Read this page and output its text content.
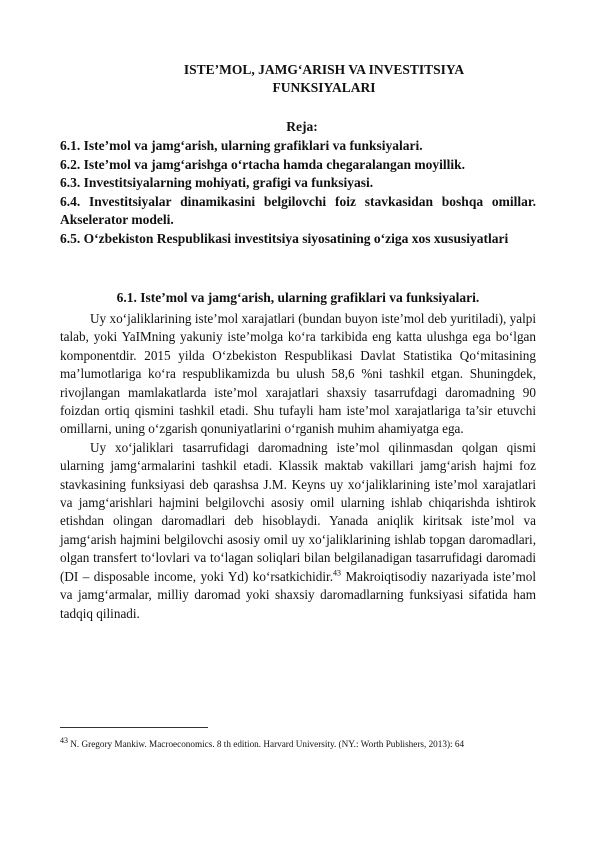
ISTE’MOL, JAMG‘ARISH VA INVESTITSIYA
FUNKSIYALARI
Reja:
6.1. Iste’mol va jamg‘arish, ularning grafiklari va funksiyalari.
6.2. Iste’mol va jamg‘arishga o‘rtacha hamda chegaralangan moyillik.
6.3. Investitsiyalarning mohiyati, grafigi va funksiyasi.
6.4. Investitsiyalar dinamikasini belgilovchi foiz stavkasidan boshqa omillar. Akselerator modeli.
6.5. O‘zbekiston Respublikasi investitsiya siyosatining o‘ziga xos xususiyatlari
6.1. Iste’mol va jamg‘arish, ularning grafiklari va funksiyalari.

Uy xo‘jaliklarining iste’mol xarajatlari (bundan buyon iste’mol deb yuritiladi), yalpi talab, yoki YaIMning yakuniy iste’molga ko‘ra tarkibida eng katta ulushga ega bo‘lgan komponentdir. 2015 yilda O‘zbekiston Respublikasi Davlat Statistika Qo‘mitasining ma’lumotlariga ko‘ra respublikamizda bu ulush 58,6 %ni tashkil etgan. Shuningdek, rivojlangan mamlakatlarda iste’mol xarajatlari shaxsiy tasarrufdagi daromadning 90 foizdan ortiq qismini tashkil etadi. Shu tufayli ham iste’mol xarajatlariga ta’sir etuvchi omillarni, uning o‘zgarish qonuniyatlarini o‘rganish muhim ahamiyatga ega.

Uy xo‘jaliklari tasarrufidagi daromadning iste’mol qilinmasdan qolgan qismi ularning jamg‘armalarini tashkil etadi. Klassik maktab vakillari jamg‘arish hajmi foz stavkasining funksiyasi deb qarashsa J.M. Keyns uy xo‘jaliklarining iste’mol xarajatlari va jamg‘arishlari hajmini belgilovchi asosiy omil ularning ishlab chiqarishda ishtirok etishdan olingan daromadlari deb hisoblaydi. Yanada aniqlik kiritsak iste’mol va jamg‘arish hajmini belgilovchi asosiy omil uy xo‘jaliklarining ishlab topgan daromadlari, olgan transfert to‘lovlari va to‘lagan soliqlari bilan belgilanadigan tasarrufidagi daromadi (DI – disposable income, yoki Yd) ko‘rsatkichidir.$^{43}$ Makroiqtisodiy nazariyada iste’mol va jamg‘armalar, milliy daromad yoki shaxsiy daromadlarning funksiyasi sifatida ham tadqiq qilinadi.

$^{43}$ N. Gregory Mankiw. Macroeconomics. 8 th edition. Harvard University. (NY.: Worth Publishers, 2013): 64
